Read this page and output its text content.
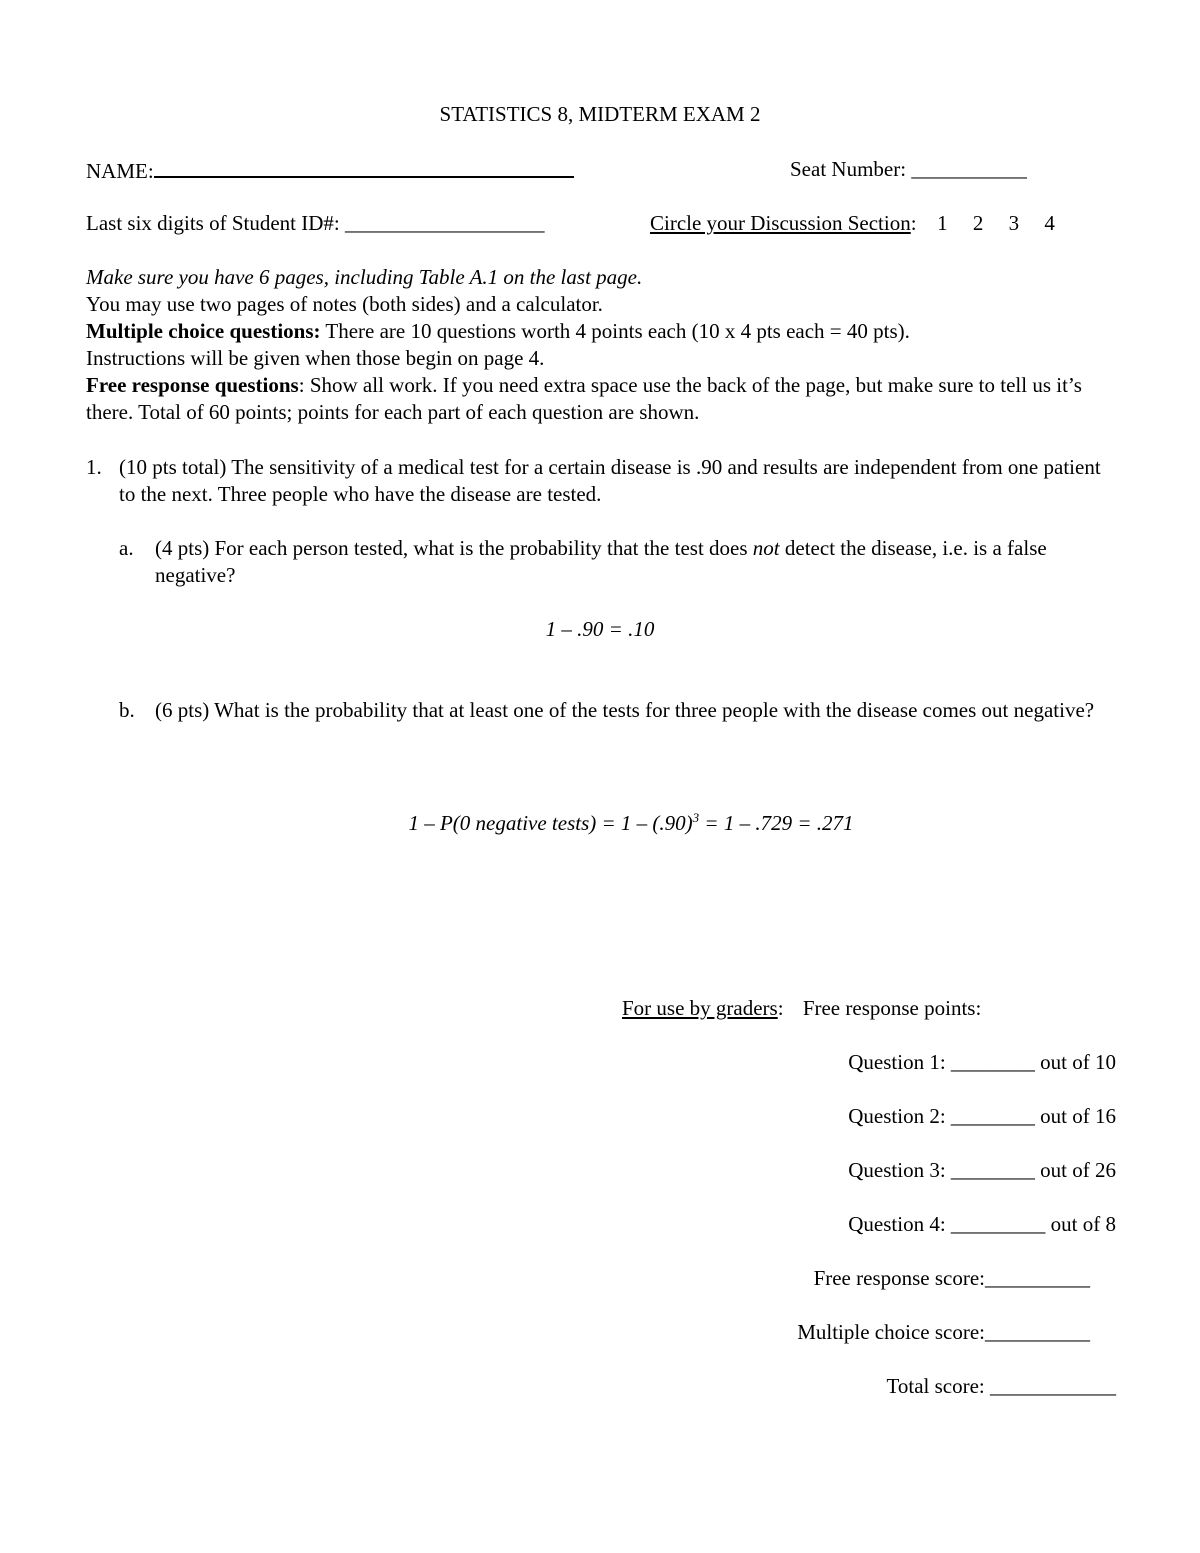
STATISTICS 8, MIDTERM EXAM 2
NAME:	Seat Number: ___________
Last six digits of Student ID#: ___________________	Circle your Discussion Section: 1 2 3 4
Make sure you have 6 pages, including Table A.1 on the last page.
You may use two pages of notes (both sides) and a calculator.
Multiple choice questions: There are 10 questions worth 4 points each (10 x 4 pts each = 40 pts).
Instructions will be given when those begin on page 4.
Free response questions: Show all work. If you need extra space use the back of the page, but make sure to tell us it’s there. Total of 60 points; points for each part of each question are shown.
1. (10 pts total) The sensitivity of a medical test for a certain disease is .90 and results are independent from one patient to the next. Three people who have the disease are tested.
a. (4 pts) For each person tested, what is the probability that the test does not detect the disease, i.e. is a false negative?
1 – .90 = .10
b. (6 pts) What is the probability that at least one of the tests for three people with the disease comes out negative?
1 – P(0 negative tests) = $1 - (.90)^3 = 1 - .729 = .271$
For use by graders: Free response points:
Question 1: ________ out of 10
Question 2: ________ out of 16
Question 3: ________ out of 26
Question 4: _________ out of 8
Free response score:__________
Multiple choice score:__________
Total score: ____________
